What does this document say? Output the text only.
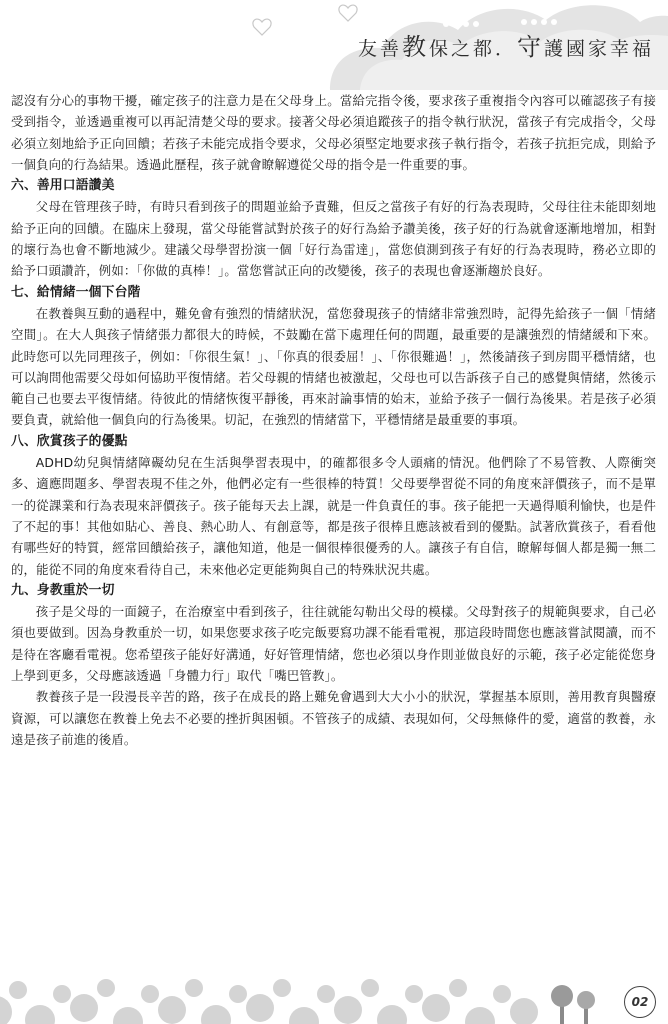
友善教保之都．守護國家幸福

認沒有分心的事物干擾，確定孩子的注意力是在父母身上。當給完指令後，要求孩子重複指令內容可以確認孩子有接受到指令，並透過重複可以再記清楚父母的要求。接著父母必須追蹤孩子的指令執行狀況，當孩子有完成指令，父母必須立刻地給予正向回饋；若孩子未能完成指令要求，父母必須堅定地要求孩子執行指令，若孩子抗拒完成，則給予一個負向的行為結果。透過此歷程，孩子就會瞭解遵從父母的指令是一件重要的事。

六、善用口語讚美

父母在管理孩子時，有時只看到孩子的問題並給予責難，但反之當孩子有好的行為表現時，父母往往未能即刻地給予正向的回饋。在臨床上發現，當父母能嘗試對於孩子的好行為給予讚美後，孩子好的行為就會逐漸地增加，相對的壞行為也會不斷地減少。建議父母學習扮演一個「好行為雷達」，當您偵測到孩子有好的行為表現時，務必立即的給予口頭讚許，例如：「你做的真棒！」。當您嘗試正向的改變後，孩子的表現也會逐漸趨於良好。

七、給情緒一個下台階

在教養與互動的過程中，難免會有強烈的情緒狀況，當您發現孩子的情緒非常強烈時，記得先給孩子一個「情緒空間」。在大人與孩子情緒張力都很大的時候，不鼓勵在當下處理任何的問題，最重要的是讓強烈的情緒緩和下來。此時您可以先同理孩子，例如：「你很生氣！」、「你真的很委屈！」、「你很難過！」，然後請孩子到房間平穩情緒，也可以詢問他需要父母如何協助平復情緒。若父母親的情緒也被激起，父母也可以告訴孩子自己的感覺與情緒，然後示範自己也要去平復情緒。待彼此的情緒恢復平靜後，再來討論事情的始末，並給予孩子一個行為後果。若是孩子必須要負責，就給他一個負向的行為後果。切記，在強烈的情緒當下，平穩情緒是最重要的事項。

八、欣賞孩子的優點

ADHD幼兒與情緒障礙幼兒在生活與學習表現中，的確都很多令人頭痛的情況。他們除了不易管教、人際衝突多、適應問題多、學習表現不佳之外，他們必定有一些很棒的特質！父母要學習從不同的角度來評價孩子，而不是單一的從課業和行為表現來評價孩子。孩子能每天去上課，就是一件負責任的事。孩子能把一天過得順利愉快，也是件了不起的事！其他如貼心、善良、熱心助人、有創意等，都是孩子很棒且應該被看到的優點。試著欣賞孩子，看看他有哪些好的特質，經常回饋給孩子，讓他知道，他是一個很棒很優秀的人。讓孩子有自信，瞭解每個人都是獨一無二的，能從不同的角度來看待自己，未來他必定更能夠與自己的特殊狀況共處。

九、身教重於一切

孩子是父母的一面鏡子，在治療室中看到孩子，往往就能勾勒出父母的模樣。父母對孩子的規範與要求，自己必須也要做到。因為身教重於一切，如果您要求孩子吃完飯要寫功課不能看電視，那這段時間您也應該嘗試閱讀，而不是待在客廳看電視。您希望孩子能好好溝通，好好管理情緒，您也必須以身作則並做良好的示範，孩子必定能從您身上學到更多，父母應該透過「身體力行」取代「嘴巴管教」。

教養孩子是一段漫長辛苦的路，孩子在成長的路上難免會遇到大大小小的狀況，掌握基本原則，善用教育與醫療資源，可以讓您在教養上免去不必要的挫折與困頓。不管孩子的成績、表現如何，父母無條件的愛，適當的教養，永遠是孩子前進的後盾。

02
